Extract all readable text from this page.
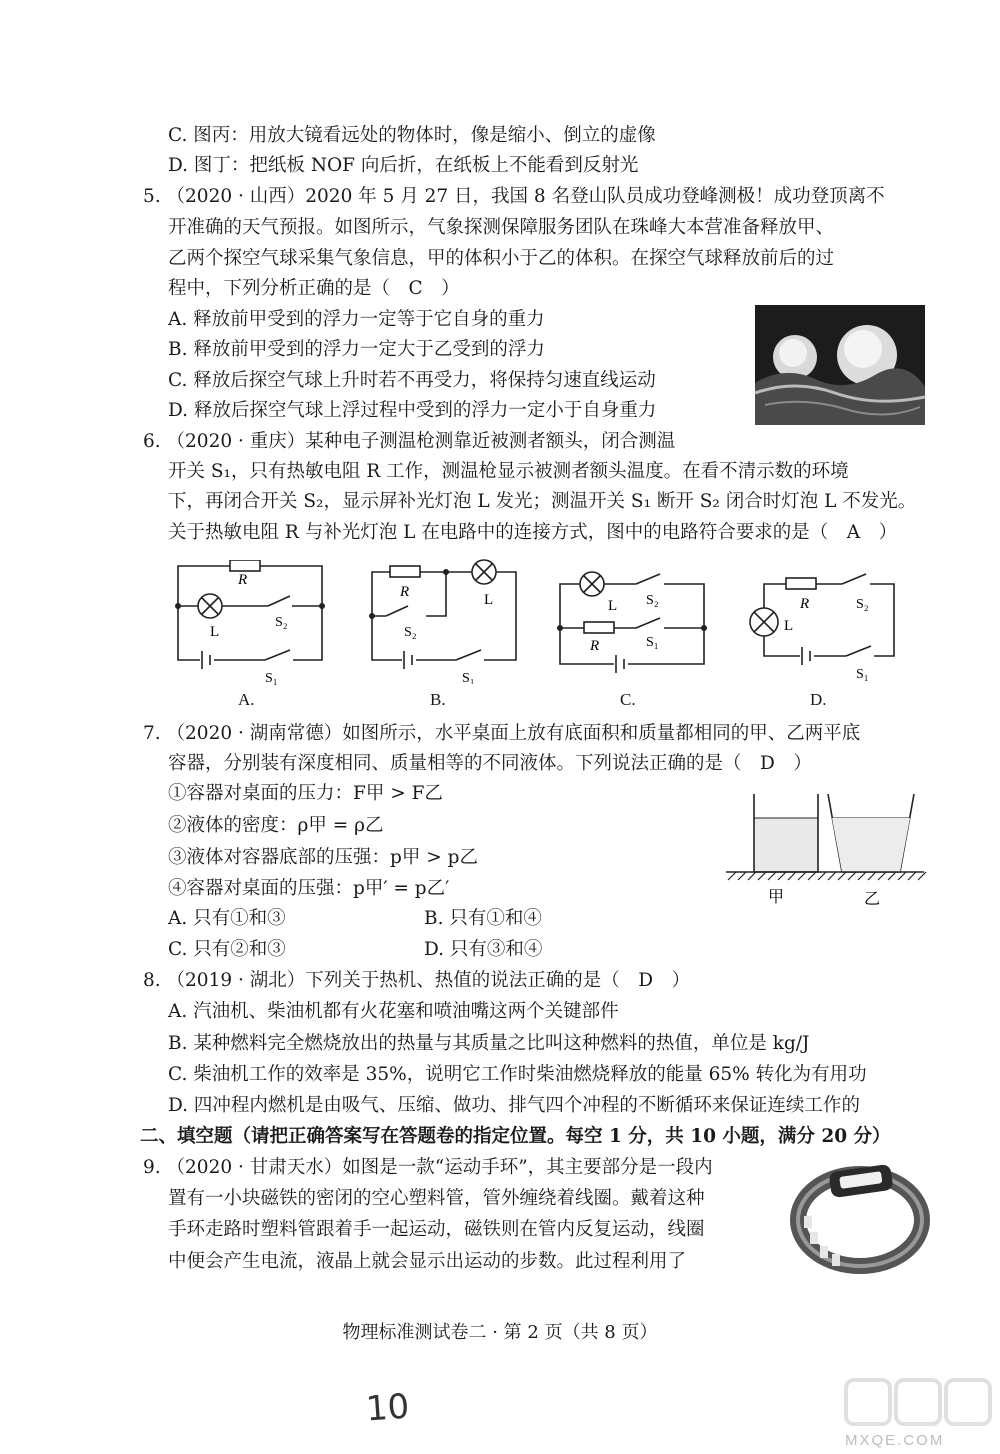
C. 图丙：用放大镜看远处的物体时，像是缩小、倒立的虚像
D. 图丁：把纸板 NOF 向后折，在纸板上不能看到反射光
5. （2020 · 山西）2020 年 5 月 27 日，我国 8 名登山队员成功登峰测极！成功登顶离不
开准确的天气预报。如图所示，气象探测保障服务团队在珠峰大本营准备释放甲、
乙两个探空气球采集气象信息，甲的体积小于乙的体积。在探空气球释放前后的过
程中，下列分析正确的是（　C　）
A. 释放前甲受到的浮力一定等于它自身的重力
B. 释放前甲受到的浮力一定大于乙受到的浮力
C. 释放后探空气球上升时若不再受力，将保持匀速直线运动
D. 释放后探空气球上浮过程中受到的浮力一定小于自身重力
6. （2020 · 重庆）某种电子测温枪测靠近被测者额头，闭合测温
开关 S₁，只有热敏电阻 R 工作，测温枪显示被测者额头温度。在看不清示数的环境
下，再闭合开关 S₂，显示屏补光灯泡 L 发光；测温开关 S₁ 断开 S₂ 闭合时灯泡 L 不发光。
关于热敏电阻 R 与补光灯泡 L 在电路中的连接方式，图中的电路符合要求的是（　A　）
R
L
S₂
S₁
A.
R	L
S₂
S₁
B.
L S₂
R	S₁
C.
R
L
S₂
S₁
D.
7. （2020 · 湖南常德）如图所示，水平桌面上放有底面积和质量都相同的甲、乙两平底
容器，分别装有深度相同、质量相等的不同液体。下列说法正确的是（　D　）
①容器对桌面的压力：F甲 > F乙
②液体的密度：ρ甲 = ρ乙
③液体对容器底部的压强：p甲 > p乙
④容器对桌面的压强：p甲′ = p乙′
A. 只有①和③	B. 只有①和④
C. 只有②和③	D. 只有③和④
甲	乙
8. （2019 · 湖北）下列关于热机、热值的说法正确的是（　D　）
A. 汽油机、柴油机都有火花塞和喷油嘴这两个关键部件
B. 某种燃料完全燃烧放出的热量与其质量之比叫这种燃料的热值，单位是 kg/J
C. 柴油机工作的效率是 35%，说明它工作时柴油燃烧释放的能量 65% 转化为有用功
D. 四冲程内燃机是由吸气、压缩、做功、排气四个冲程的不断循环来保证连续工作的
二、填空题（请把正确答案写在答题卷的指定位置。每空 1 分，共 10 小题，满分 20 分）
9. （2020 · 甘肃天水）如图是一款“运动手环”，其主要部分是一段内
置有一小块磁铁的密闭的空心塑料管，管外缠绕着线圈。戴着这种
手环走路时塑料管跟着手一起运动，磁铁则在管内反复运动，线圈
中便会产生电流，液晶上就会显示出运动的步数。此过程利用了
物理标准测试卷二 · 第 2 页（共 8 页）
10
MXQE.COM
